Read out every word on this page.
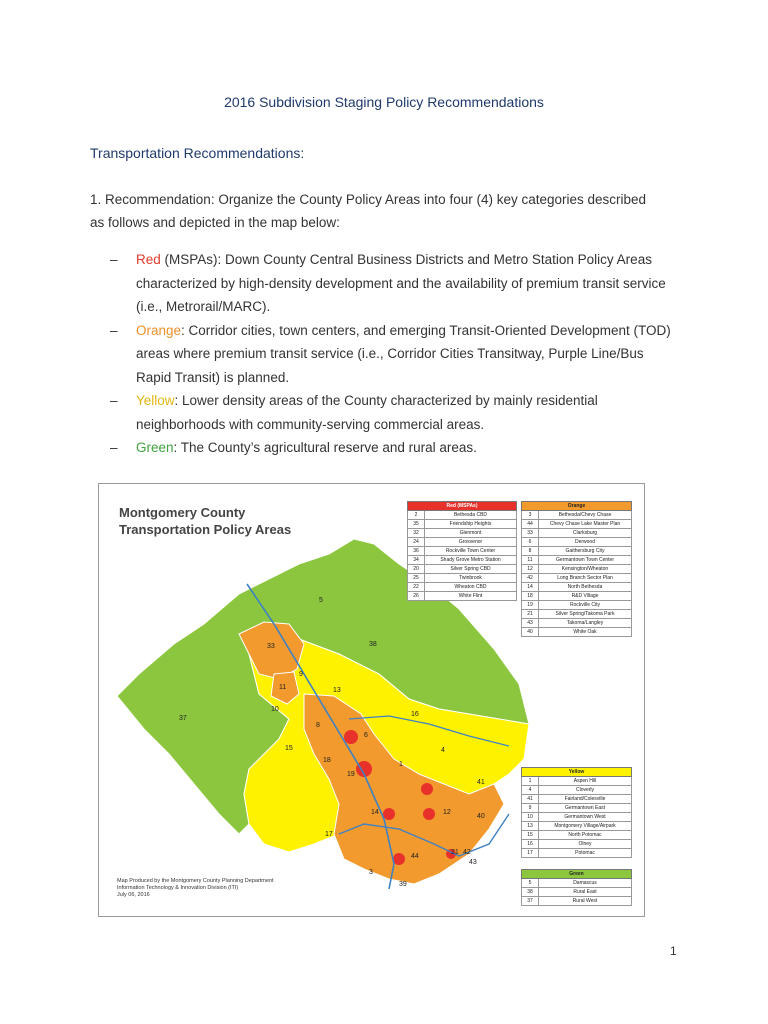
2016 Subdivision Staging Policy Recommendations
Transportation Recommendations:
1. Recommendation: Organize the County Policy Areas into four (4) key categories described as follows and depicted in the map below:
– Red (MSPAs): Down County Central Business Districts and Metro Station Policy Areas characterized by high-density development and the availability of premium transit service (i.e., Metrorail/MARC).
– Orange: Corridor cities, town centers, and emerging Transit-Oriented Development (TOD) areas where premium transit service (i.e., Corridor Cities Transitway, Purple Line/Bus Rapid Transit) is planned.
– Yellow: Lower density areas of the County characterized by mainly residential neighborhoods with community-serving commercial areas.
– Green: The County’s agricultural reserve and rural areas.
5
38
33
9
11	13
37
10
16
8
6
15
18
4
1
41
19
14	12
40
17
44
21 42
43
3
39
Montgomery County
Transportation Policy Areas
Red (MSPAs)	
2	Bethesda CBD
35	Friendship Heights
32	Glenmont
24	Grosvenor
36	Rockville Town Center
34	Shady Grove Metro Station
20	Silver Spring CBD
25	Twinbrook
22	Wheaton CBD
26	White Flint
Orange	
3	Bethesda/Chevy Chase
44	Chevy Chase Lake Master Plan
33	Clarksburg
6	Derwood
8	Gaithersburg City
11	Germantown Town Center
12	Kensington/Wheaton
42	Long Branch Sector Plan
14	North Bethesda
18	R&D Village
19	Rockville City
21	Silver Spring/Takoma Park
43	Takoma/Langley
40	White Oak
Yellow	
1	Aspen Hill
4	Cloverly
41	Fairland/Colesville
9	Germantown East
10	Germantown West
13	Montgomery Village/Airpark
15	North Potomac
16	Olney
17	Potomac
Green	
5	Damascus
38	Rural East
37	Rural West
Map Produced by the Montgomery County Planning Department
Information Technology & Innovation Division (ITI)
July 06, 2016
1
